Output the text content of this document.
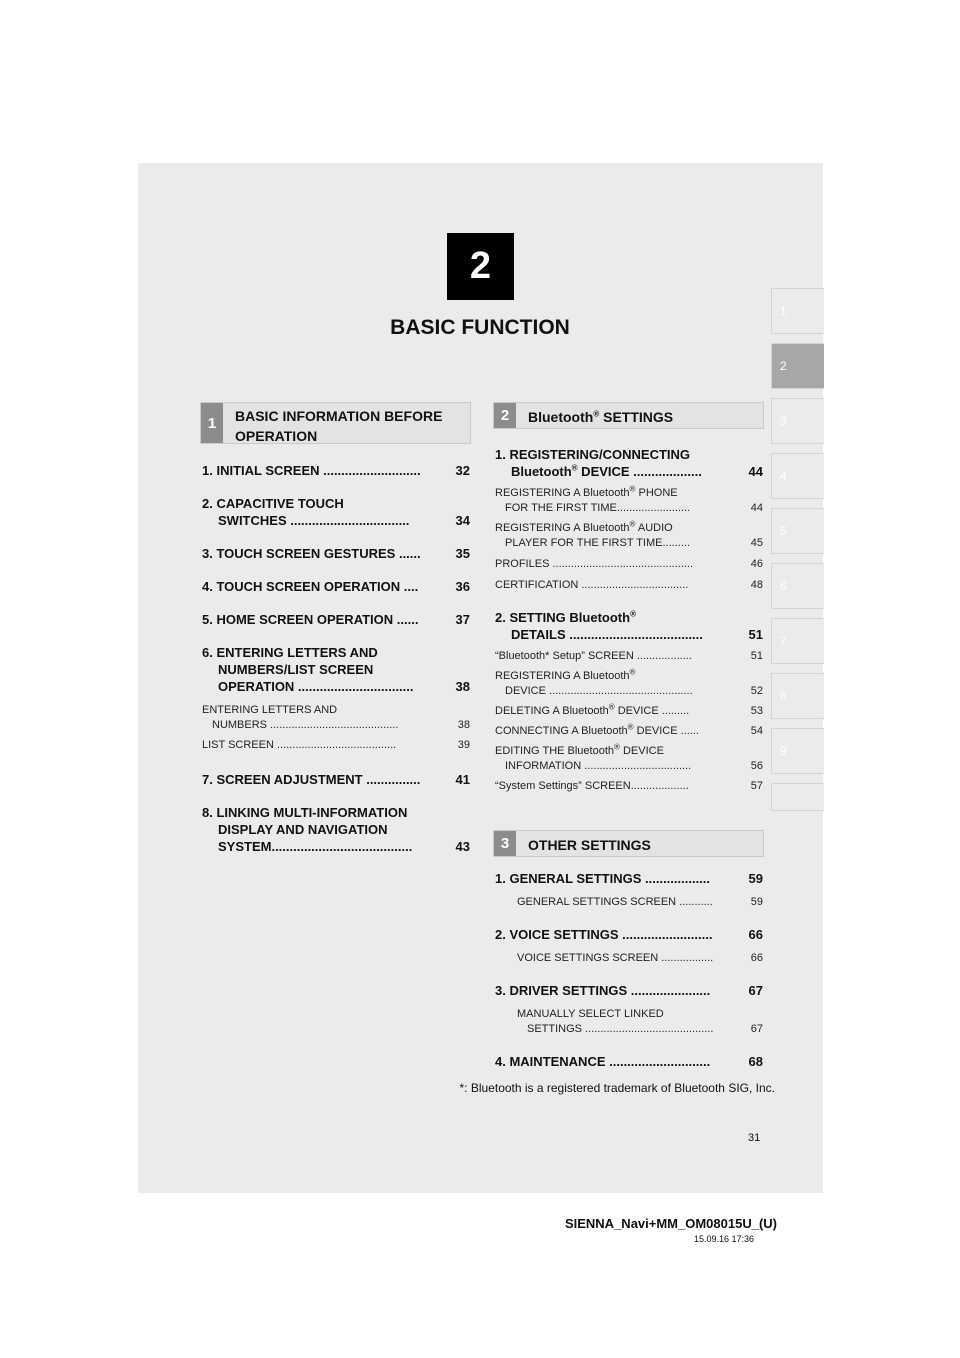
2
BASIC FUNCTION
1
2
3
4
5
6
7
8
9
1	BASIC INFORMATION BEFORE
OPERATION
1. INITIAL SCREEN ...........................	32
2. CAPACITIVE TOUCH
SWITCHES .................................	34
3. TOUCH SCREEN GESTURES ......	35
4. TOUCH SCREEN OPERATION ....	36
5. HOME SCREEN OPERATION ......	37
6. ENTERING LETTERS AND
NUMBERS/LIST SCREEN
OPERATION ................................	38
ENTERING LETTERS AND
NUMBERS ..........................................	38
LIST SCREEN .......................................	39
7. SCREEN ADJUSTMENT ...............	41
8. LINKING MULTI-INFORMATION
DISPLAY AND NAVIGATION
SYSTEM.......................................	43
2	Bluetooth® SETTINGS
1. REGISTERING/CONNECTING
Bluetooth® DEVICE ...................	44
REGISTERING A Bluetooth® PHONE
FOR THE FIRST TIME........................	44
REGISTERING A Bluetooth® AUDIO
PLAYER FOR THE FIRST TIME.........	45
PROFILES ..............................................	46
CERTIFICATION ...................................	48
2. SETTING Bluetooth®
DETAILS .....................................	51
“Bluetooth* Setup” SCREEN ..................	51
REGISTERING A Bluetooth®
DEVICE ...............................................	52
DELETING A Bluetooth® DEVICE .........	53
CONNECTING A Bluetooth® DEVICE ......	54
EDITING THE Bluetooth® DEVICE
INFORMATION ...................................	56
“System Settings” SCREEN...................	57
3	OTHER SETTINGS
1. GENERAL SETTINGS ..................	59
GENERAL SETTINGS SCREEN ...........	59
2. VOICE SETTINGS .........................	66
VOICE SETTINGS SCREEN .................	66
3. DRIVER SETTINGS ......................	67
MANUALLY SELECT LINKED
SETTINGS ..........................................	67
4. MAINTENANCE ............................	68
*: Bluetooth is a registered trademark of Bluetooth SIG, Inc.
31
SIENNA_Navi+MM_OM08015U_(U)
15.09.16 17:36
